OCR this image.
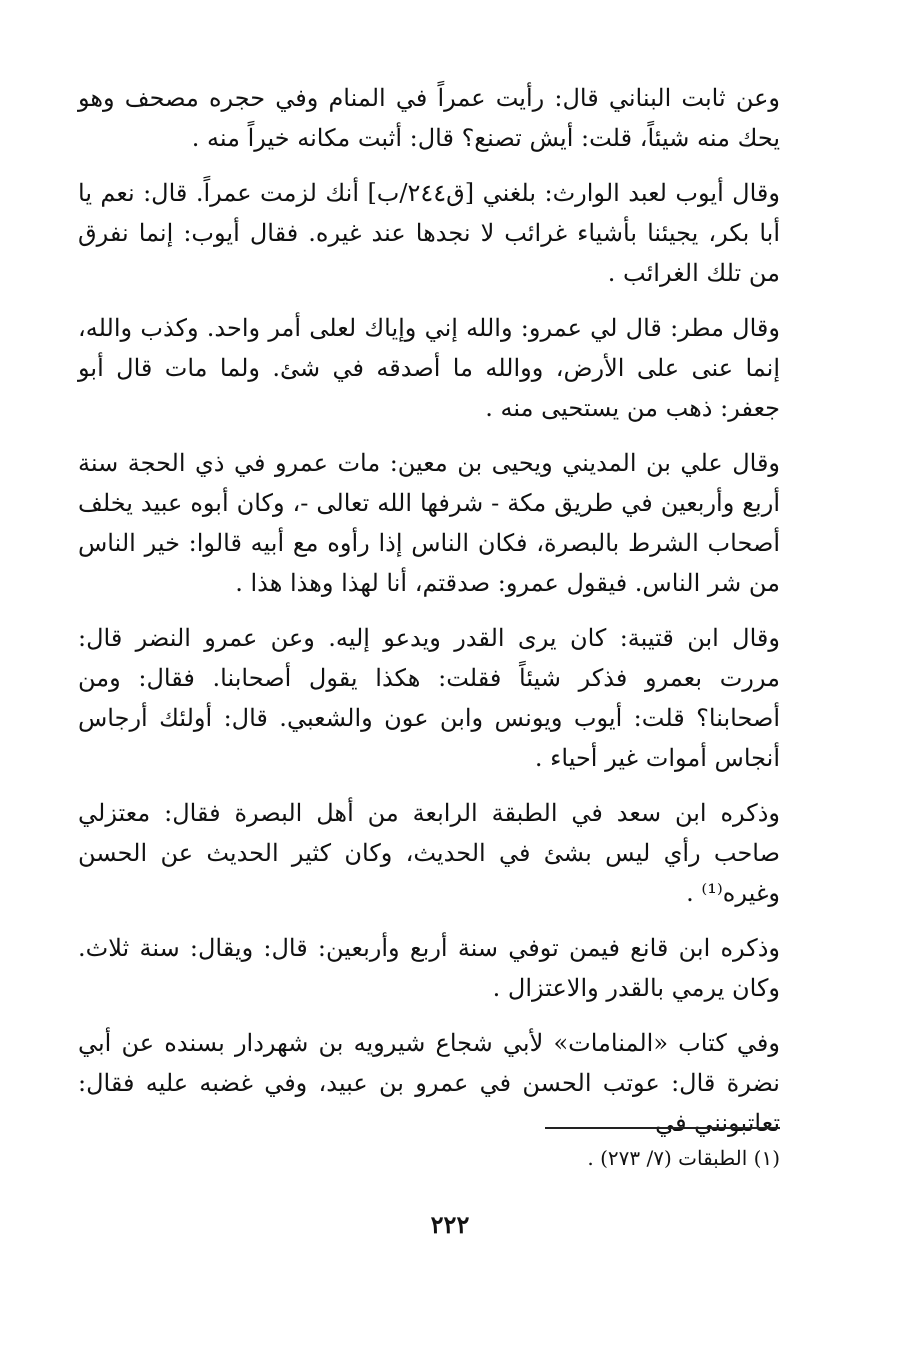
وعن ثابت البناني قال: رأيت عمراً في المنام وفي حجره مصحف وهو يحك منه شيئاً، قلت: أيش تصنع؟ قال: أثبت مكانه خيراً منه .

وقال أيوب لعبد الوارث: بلغني [ق٢٤٤/ب] أنك لزمت عمراً. قال: نعم يا أبا بكر، يجيئنا بأشياء غرائب لا نجدها عند غيره. فقال أيوب: إنما نفرق من تلك الغرائب .

وقال مطر: قال لي عمرو: والله إني وإياك لعلى أمر واحد. وكذب والله، إنما عنى على الأرض، ووالله ما أصدقه في شئ. ولما مات قال أبو جعفر: ذهب من يستحيى منه .

وقال علي بن المديني ويحيى بن معين: مات عمرو في ذي الحجة سنة أربع وأربعين في طريق مكة - شرفها الله تعالى -، وكان أبوه عبيد يخلف أصحاب الشرط بالبصرة، فكان الناس إذا رأوه مع أبيه قالوا: خير الناس من شر الناس. فيقول عمرو: صدقتم، أنا لهذا وهذا هذا .

وقال ابن قتيبة: كان يرى القدر ويدعو إليه. وعن عمرو النضر قال: مررت بعمرو فذكر شيئاً فقلت: هكذا يقول أصحابنا. فقال: ومن أصحابنا؟ قلت: أيوب ويونس وابن عون والشعبي. قال: أولئك أرجاس أنجاس أموات غير أحياء .

وذكره ابن سعد في الطبقة الرابعة من أهل البصرة فقال: معتزلي صاحب رأي ليس بشئ في الحديث، وكان كثير الحديث عن الحسن وغيره⁽¹⁾ .

وذكره ابن قانع فيمن توفي سنة أربع وأربعين: قال: ويقال: سنة ثلاث. وكان يرمي بالقدر والاعتزال .

وفي كتاب «المنامات» لأبي شجاع شيرويه بن شهردار بسنده عن أبي نضرة قال: عوتب الحسن في عمرو بن عبيد، وفي غضبه عليه فقال: تعاتبونني في

(١) الطبقات (٧/ ٢٧٣) .
٢٢٢
